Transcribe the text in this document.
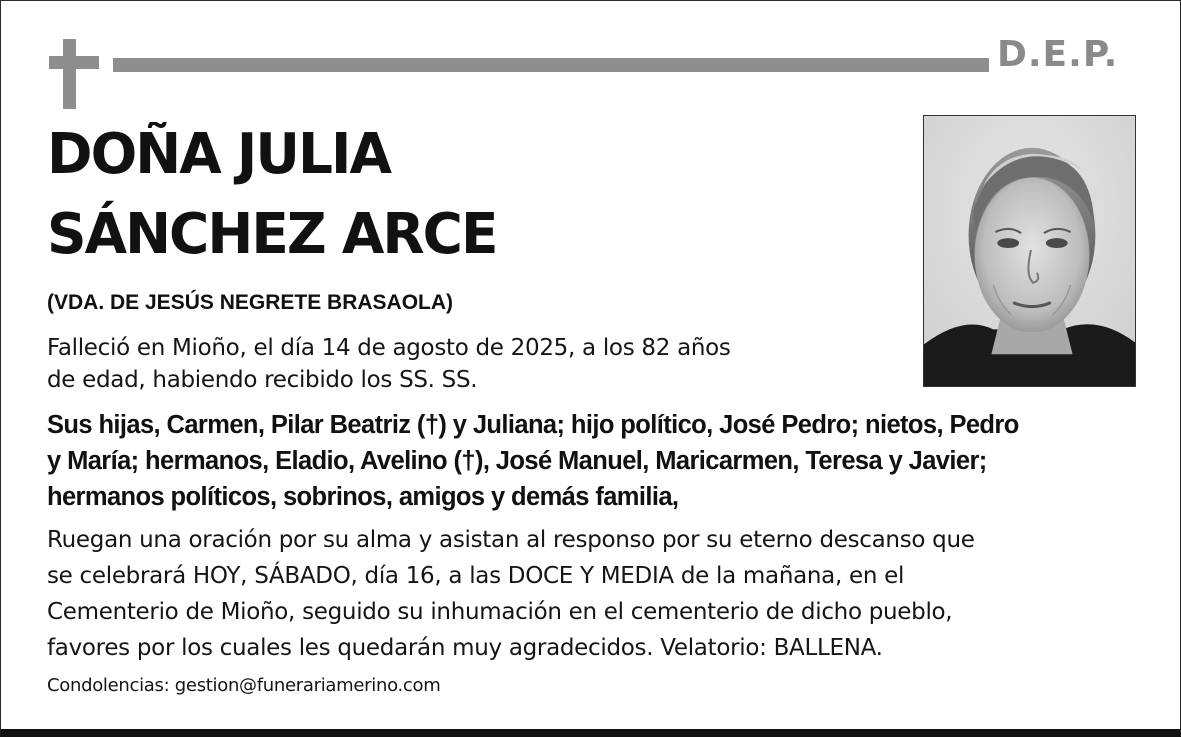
D.E.P.
DOÑA JULIA
SÁNCHEZ ARCE
(VDA. DE JESÚS NEGRETE BRASAOLA)
Falleció en Mioño, el día 14 de agosto de 2025, a los 82 años
de edad, habiendo recibido los SS. SS.
Sus hijas, Carmen, Pilar Beatriz (†) y Juliana; hijo político, José Pedro; nietos, Pedro
y María; hermanos, Eladio, Avelino (†), José Manuel, Maricarmen, Teresa y Javier;
hermanos políticos, sobrinos, amigos y demás familia,
Ruegan una oración por su alma y asistan al responso por su eterno descanso que
se celebrará HOY, SÁBADO, día 16, a las DOCE Y MEDIA de la mañana, en el
Cementerio de Mioño, seguido su inhumación en el cementerio de dicho pueblo,
favores por los cuales les quedarán muy agradecidos. Velatorio: BALLENA.
Condolencias: gestion@funerariamerino.com
